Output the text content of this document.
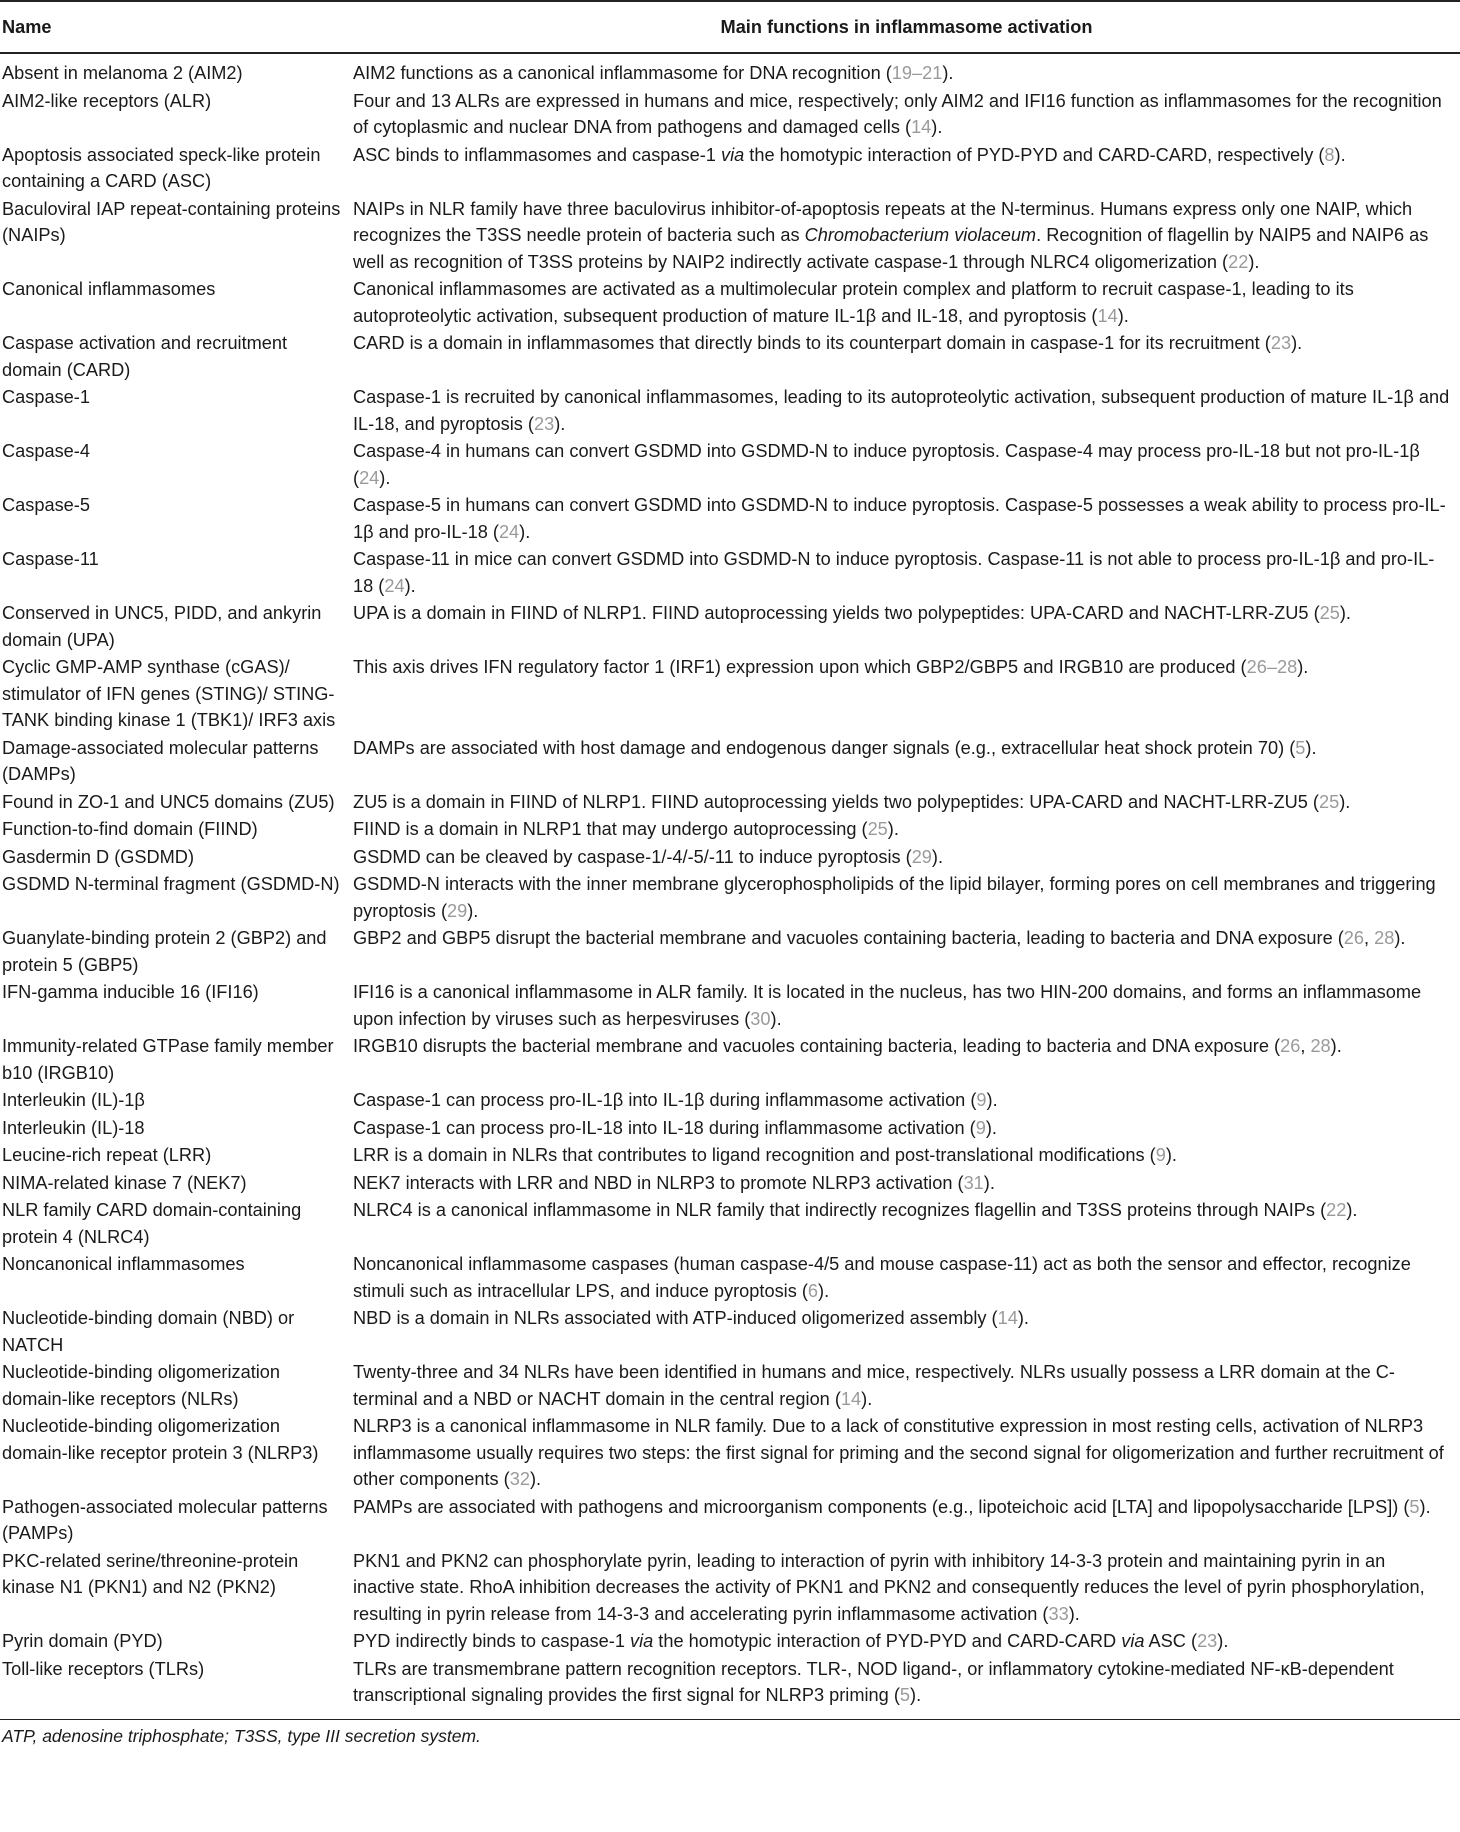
Name	Main functions in inflammasome activation
Absent in melanoma 2 (AIM2)	AIM2 functions as a canonical inflammasome for DNA recognition (19–21).
AIM2-like receptors (ALR)	Four and 13 ALRs are expressed in humans and mice, respectively; only AIM2 and IFI16 function as inflammasomes for the recognition of cytoplasmic and nuclear DNA from pathogens and damaged cells (14).
Apoptosis associated speck-like protein containing a CARD (ASC)	ASC binds to inflammasomes and caspase-1 via the homotypic interaction of PYD-PYD and CARD-CARD, respectively (8).
Baculoviral IAP repeat-containing proteins (NAIPs)	NAIPs in NLR family have three baculovirus inhibitor-of-apoptosis repeats at the N-terminus. Humans express only one NAIP, which recognizes the T3SS needle protein of bacteria such as Chromobacterium violaceum. Recognition of flagellin by NAIP5 and NAIP6 as well as recognition of T3SS proteins by NAIP2 indirectly activate caspase-1 through NLRC4 oligomerization (22).
Canonical inflammasomes	Canonical inflammasomes are activated as a multimolecular protein complex and platform to recruit caspase-1, leading to its autoproteolytic activation, subsequent production of mature IL-1β and IL-18, and pyroptosis (14).
Caspase activation and recruitment domain (CARD)	CARD is a domain in inflammasomes that directly binds to its counterpart domain in caspase-1 for its recruitment (23).
Caspase-1	Caspase-1 is recruited by canonical inflammasomes, leading to its autoproteolytic activation, subsequent production of mature IL-1β and IL-18, and pyroptosis (23).
Caspase-4	Caspase-4 in humans can convert GSDMD into GSDMD-N to induce pyroptosis. Caspase-4 may process pro-IL-18 but not pro-IL-1β (24).
Caspase-5	Caspase-5 in humans can convert GSDMD into GSDMD-N to induce pyroptosis. Caspase-5 possesses a weak ability to process pro-IL-1β and pro-IL-18 (24).
Caspase-11	Caspase-11 in mice can convert GSDMD into GSDMD-N to induce pyroptosis. Caspase-11 is not able to process pro-IL-1β and pro-IL-18 (24).
Conserved in UNC5, PIDD, and ankyrin domain (UPA)	UPA is a domain in FIIND of NLRP1. FIIND autoprocessing yields two polypeptides: UPA-CARD and NACHT-LRR-ZU5 (25).
Cyclic GMP-AMP synthase (cGAS)/ stimulator of IFN genes (STING)/ STING-TANK binding kinase 1 (TBK1)/ IRF3 axis	This axis drives IFN regulatory factor 1 (IRF1) expression upon which GBP2/GBP5 and IRGB10 are produced (26–28).
Damage-associated molecular patterns (DAMPs)	DAMPs are associated with host damage and endogenous danger signals (e.g., extracellular heat shock protein 70) (5).
Found in ZO-1 and UNC5 domains (ZU5)	ZU5 is a domain in FIIND of NLRP1. FIIND autoprocessing yields two polypeptides: UPA-CARD and NACHT-LRR-ZU5 (25).
Function-to-find domain (FIIND)	FIIND is a domain in NLRP1 that may undergo autoprocessing (25).
Gasdermin D (GSDMD)	GSDMD can be cleaved by caspase-1/-4/-5/-11 to induce pyroptosis (29).
GSDMD N-terminal fragment (GSDMD-N)	GSDMD-N interacts with the inner membrane glycerophospholipids of the lipid bilayer, forming pores on cell membranes and triggering pyroptosis (29).
Guanylate-binding protein 2 (GBP2) and protein 5 (GBP5)	GBP2 and GBP5 disrupt the bacterial membrane and vacuoles containing bacteria, leading to bacteria and DNA exposure (26, 28).
IFN-gamma inducible 16 (IFI16)	IFI16 is a canonical inflammasome in ALR family. It is located in the nucleus, has two HIN-200 domains, and forms an inflammasome upon infection by viruses such as herpesviruses (30).
Immunity-related GTPase family member b10 (IRGB10)	IRGB10 disrupts the bacterial membrane and vacuoles containing bacteria, leading to bacteria and DNA exposure (26, 28).
Interleukin (IL)-1β	Caspase-1 can process pro-IL-1β into IL-1β during inflammasome activation (9).
Interleukin (IL)-18	Caspase-1 can process pro-IL-18 into IL-18 during inflammasome activation (9).
Leucine-rich repeat (LRR)	LRR is a domain in NLRs that contributes to ligand recognition and post-translational modifications (9).
NIMA-related kinase 7 (NEK7)	NEK7 interacts with LRR and NBD in NLRP3 to promote NLRP3 activation (31).
NLR family CARD domain-containing protein 4 (NLRC4)	NLRC4 is a canonical inflammasome in NLR family that indirectly recognizes flagellin and T3SS proteins through NAIPs (22).
Noncanonical inflammasomes	Noncanonical inflammasome caspases (human caspase-4/5 and mouse caspase-11) act as both the sensor and effector, recognize stimuli such as intracellular LPS, and induce pyroptosis (6).
Nucleotide-binding domain (NBD) or NATCH	NBD is a domain in NLRs associated with ATP-induced oligomerized assembly (14).
Nucleotide-binding oligomerization domain-like receptors (NLRs)	Twenty-three and 34 NLRs have been identified in humans and mice, respectively. NLRs usually possess a LRR domain at the C-terminal and a NBD or NACHT domain in the central region (14).
Nucleotide-binding oligomerization domain-like receptor protein 3 (NLRP3)	NLRP3 is a canonical inflammasome in NLR family. Due to a lack of constitutive expression in most resting cells, activation of NLRP3 inflammasome usually requires two steps: the first signal for priming and the second signal for oligomerization and further recruitment of other components (32).
Pathogen-associated molecular patterns (PAMPs)	PAMPs are associated with pathogens and microorganism components (e.g., lipoteichoic acid [LTA] and lipopolysaccharide [LPS]) (5).
PKC-related serine/threonine-protein kinase N1 (PKN1) and N2 (PKN2)	PKN1 and PKN2 can phosphorylate pyrin, leading to interaction of pyrin with inhibitory 14-3-3 protein and maintaining pyrin in an inactive state. RhoA inhibition decreases the activity of PKN1 and PKN2 and consequently reduces the level of pyrin phosphorylation, resulting in pyrin release from 14-3-3 and accelerating pyrin inflammasome activation (33).
Pyrin domain (PYD)	PYD indirectly binds to caspase-1 via the homotypic interaction of PYD-PYD and CARD-CARD via ASC (23).
Toll-like receptors (TLRs)	TLRs are transmembrane pattern recognition receptors. TLR-, NOD ligand-, or inflammatory cytokine-mediated NF-κB-dependent transcriptional signaling provides the first signal for NLRP3 priming (5).
ATP, adenosine triphosphate; T3SS, type III secretion system.
